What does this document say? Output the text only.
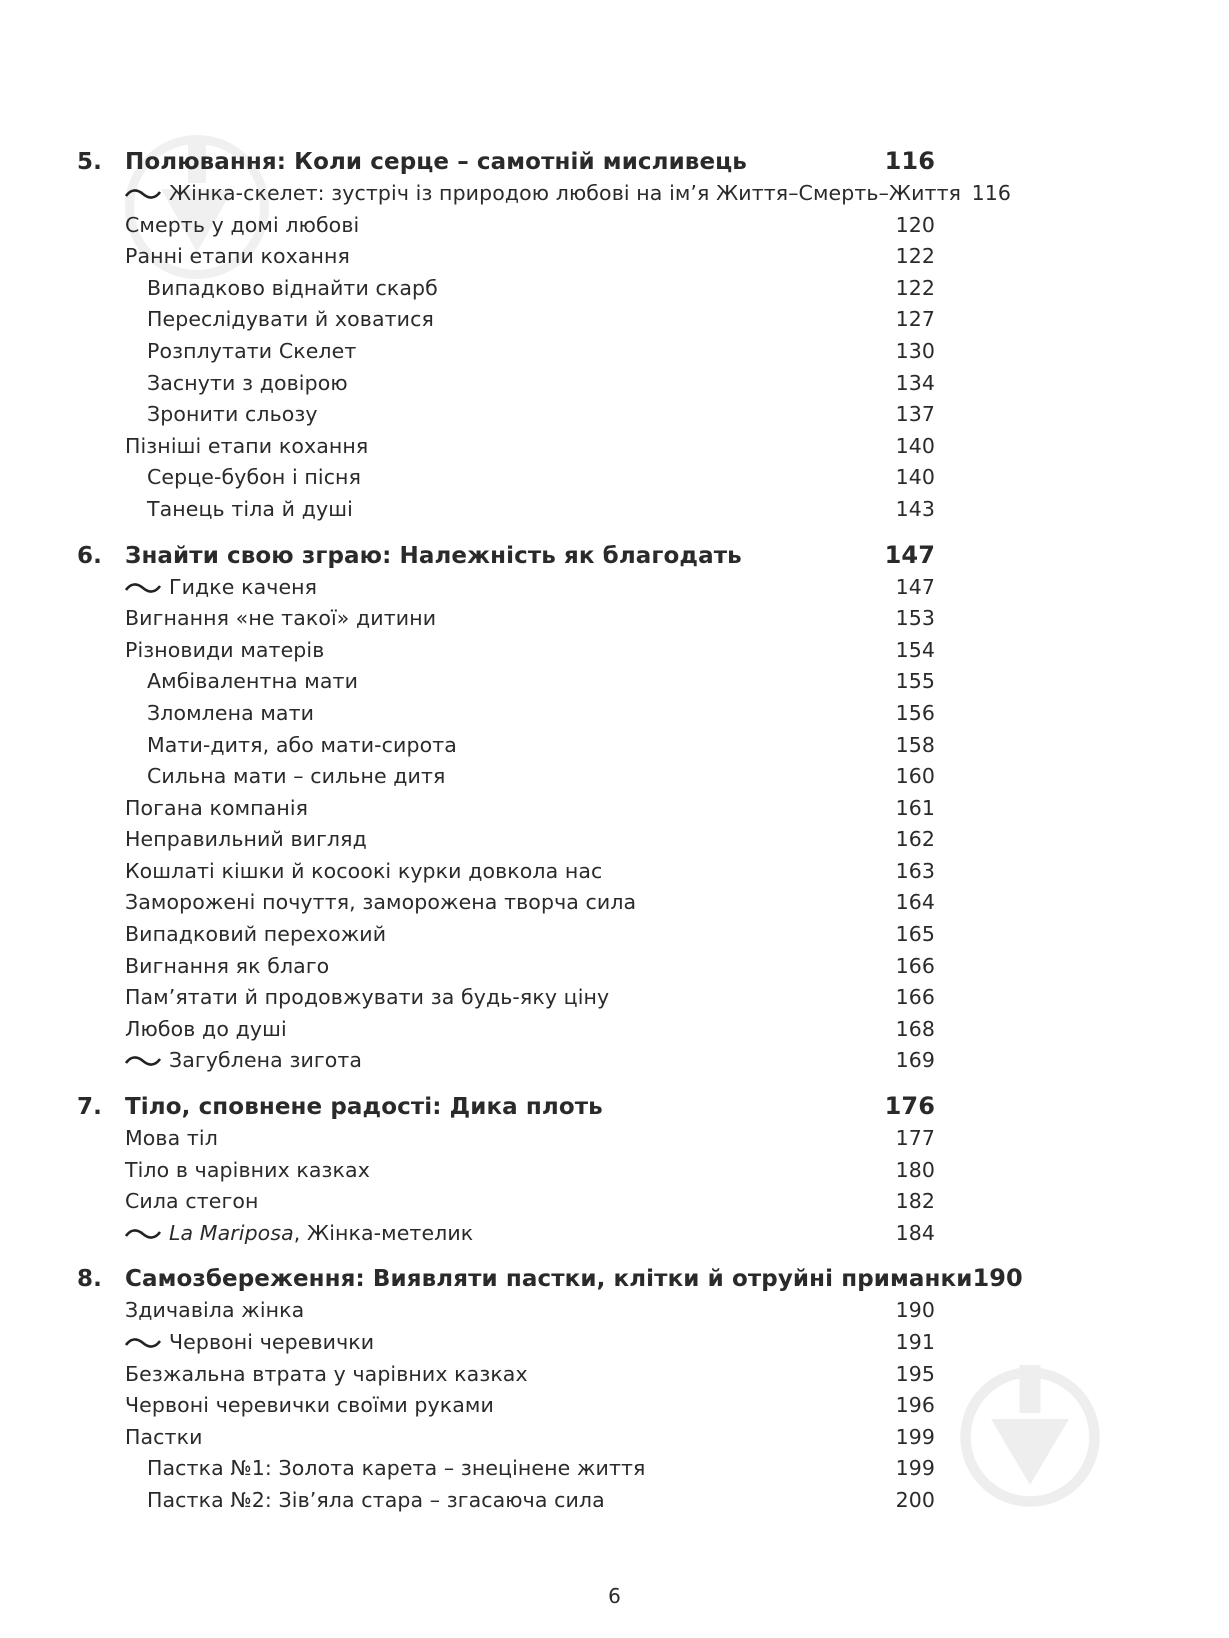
5.	Полювання: Коли серце – самотній мисливець	116
Жінка-скелет: зустріч із природою любові на ім’я Життя–Смерть–Життя 116
Смерть у домі любові	120
Ранні етапи кохання	122
Випадково віднайти скарб	122
Переслідувати й ховатися	127
Розплутати Скелет	130
Заснути з довірою	134
Зронити сльозу	137
Пізніші етапи кохання	140
Серце-бубон і пісня	140
Танець тіла й душі	143
6.	Знайти свою зграю: Належність як благодать	147
Гидке каченя	147
Вигнання «не такої» дитини	153
Різновиди матерів	154
Амбівалентна мати	155
Зломлена мати	156
Мати-дитя, або мати-сирота	158
Сильна мати – сильне дитя	160
Погана компанія	161
Неправильний вигляд	162
Кошлаті кішки й косоокі курки довкола нас	163
Заморожені почуття, заморожена творча сила	164
Випадковий перехожий	165
Вигнання як благо	166
Пам’ятати й продовжувати за будь-яку ціну	166
Любов до душі	168
Загублена зигота	169
7.	Тіло, сповнене радості: Дика плоть	176
Мова тіл	177
Тіло в чарівних казках	180
Сила стегон	182
La Mariposa, Жінка-метелик	184
8.	Самозбереження: Виявляти пастки, клітки й отруйні приманки 190
Здичавіла жінка	190
Червоні черевички	191
Безжальна втрата у чарівних казках	195
Червоні черевички своїми руками	196
Пастки	199
Пастка №1: Золота карета – знецінене життя	199
Пастка №2: Зів’яла стара – згасаюча сила	200
6
